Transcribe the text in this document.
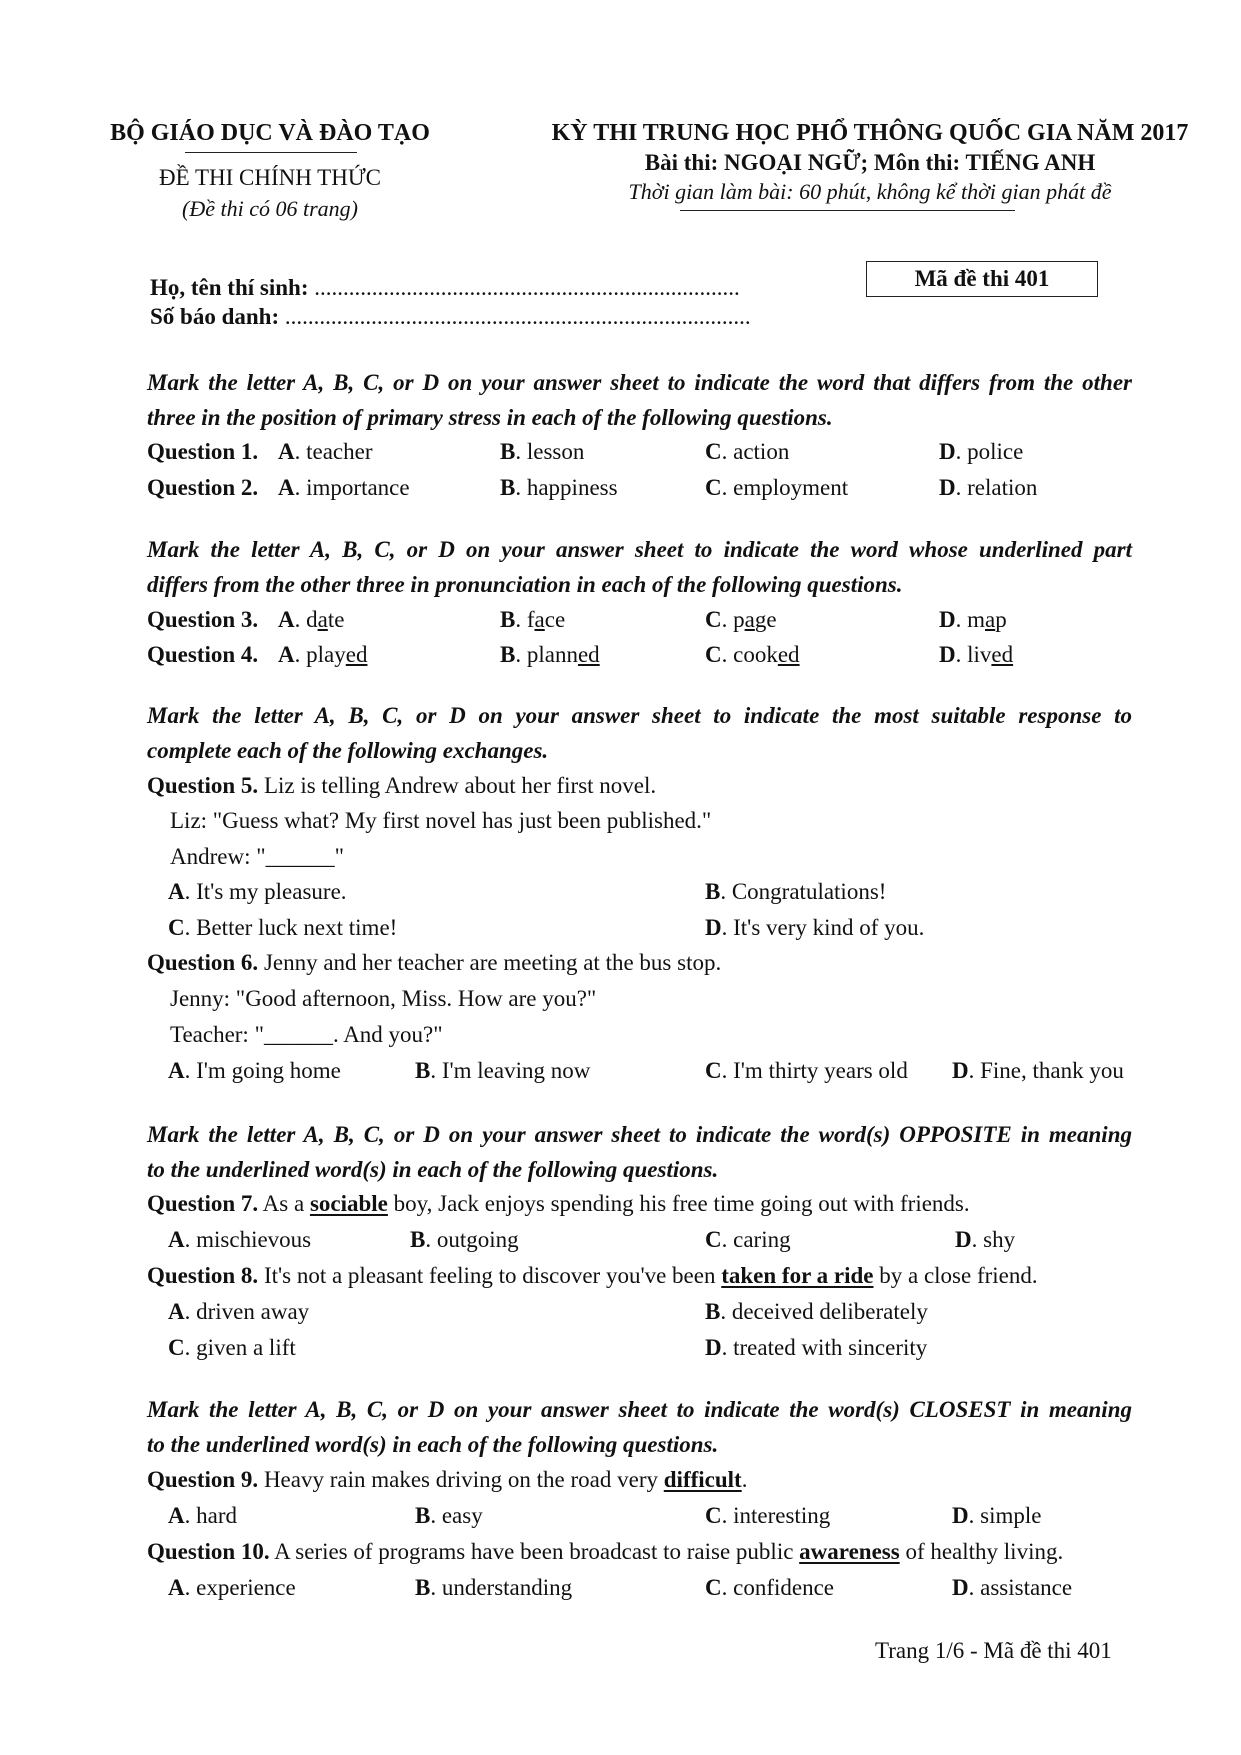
BỘ GIÁO DỤC VÀ ĐÀO TẠO
ĐỀ THI CHÍNH THỨC
(Đề thi có 06 trang)
KỲ THI TRUNG HỌC PHỔ THÔNG QUỐC GIA NĂM 2017
Bài thi: NGOẠI NGỮ; Môn thi: TIẾNG ANH
Thời gian làm bài: 60 phút, không kể thời gian phát đề
Họ, tên thí sinh: ..........................................................................
Số báo danh: .................................................................................
Mã đề thi 401
Mark the letter A, B, C, or D on your answer sheet to indicate the word that differs from the other
three in the position of primary stress in each of the following questions.
Question 1. A. teacher	B. lesson	C. action	D. police
Question 2. A. importance	B. happiness	C. employment	D. relation
Mark the letter A, B, C, or D on your answer sheet to indicate the word whose underlined part
differs from the other three in pronunciation in each of the following questions.
Question 3. A. date	B. face	C. page	D. map
Question 4. A. played	B. planned	C. cooked	D. lived
Mark the letter A, B, C, or D on your answer sheet to indicate the most suitable response to
complete each of the following exchanges.
Question 5. Liz is telling Andrew about her first novel.
Liz: "Guess what? My first novel has just been published."
Andrew: "______"
A. It's my pleasure.	B. Congratulations!
C. Better luck next time!	D. It's very kind of you.
Question 6. Jenny and her teacher are meeting at the bus stop.
Jenny: "Good afternoon, Miss. How are you?"
Teacher: "______. And you?"
A. I'm going home	B. I'm leaving now	C. I'm thirty years old D. Fine, thank you
Mark the letter A, B, C, or D on your answer sheet to indicate the word(s) OPPOSITE in meaning
to the underlined word(s) in each of the following questions.
Question 7. As a sociable boy, Jack enjoys spending his free time going out with friends.
A. mischievous	B. outgoing	C. caring	D. shy
Question 8. It's not a pleasant feeling to discover you've been taken for a ride by a close friend.
A. driven away	B. deceived deliberately
C. given a lift	D. treated with sincerity
Mark the letter A, B, C, or D on your answer sheet to indicate the word(s) CLOSEST in meaning
to the underlined word(s) in each of the following questions.
Question 9. Heavy rain makes driving on the road very difficult.
A. hard	B. easy	C. interesting	D. simple
Question 10. A series of programs have been broadcast to raise public awareness of healthy living.
A. experience	B. understanding	C. confidence	D. assistance
Trang 1/6 - Mã đề thi 401
